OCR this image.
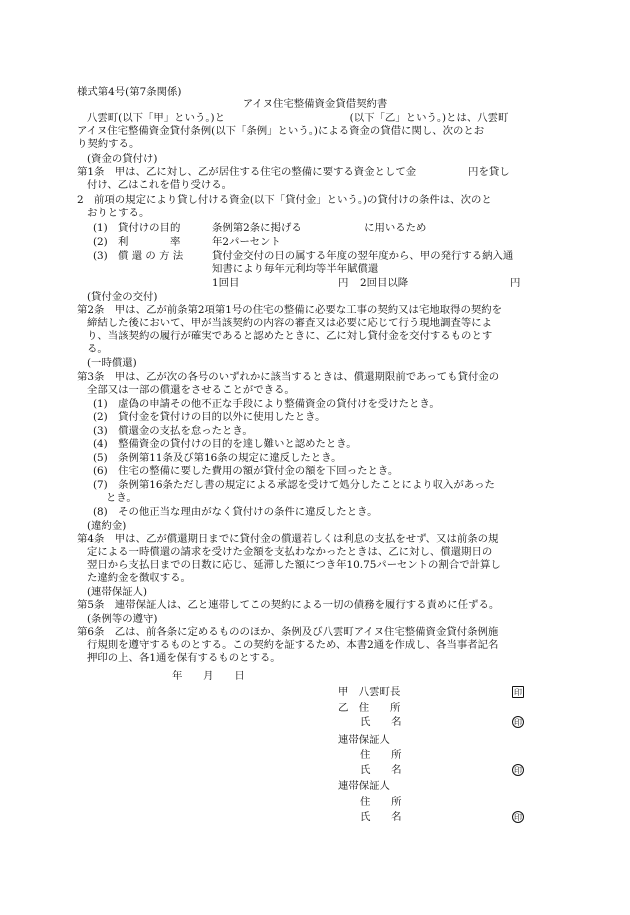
様式第4号(第7条関係)
アイヌ住宅整備資金貸借契約書
八雲町(以下「甲」という。)と　　　　　　　　　　　　(以下「乙」という。)とは、八雲町
アイヌ住宅整備資金貸付条例(以下「条例」という。)による資金の貸借に関し、次のとお
り契約する。
(資金の貸付け)
第1条　甲は、乙に対し、乙が居住する住宅の整備に要する資金として金　　　　　円を貸し
付け、乙はこれを借り受ける。
2　前項の規定により貸し付ける資金(以下「貸付金」という。)の貸付けの条件は、次のと
おりとする。
(1) 貸付けの目的	条例第2条に掲げる　　　　　　に用いるため
(2) 利　　　　率	年2パーセント
(3) 償 還 の 方 法	貸付金交付の日の属する年度の翌年度から、甲の発行する納入通
知書により毎年元利均等半年賦償還
1回目	円 2回目以降	円
(貸付金の交付)
第2条　甲は、乙が前条第2項第1号の住宅の整備に必要な工事の契約又は宅地取得の契約を
締結した後において、甲が当該契約の内容の審査又は必要に応じて行う現地調査等によ
り、当該契約の履行が確実であると認めたときに、乙に対し貸付金を交付するものとす
る。
(一時償還)
第3条　甲は、乙が次の各号のいずれかに該当するときは、償還期限前であっても貸付金の
全部又は一部の償還をさせることができる。
(1)　虚偽の申請その他不正な手段により整備資金の貸付けを受けたとき。
(2)　貸付金を貸付けの目的以外に使用したとき。
(3)　償還金の支払を怠ったとき。
(4)　整備資金の貸付けの目的を達し難いと認めたとき。
(5)　条例第11条及び第16条の規定に違反したとき。
(6)　住宅の整備に要した費用の額が貸付金の額を下回ったとき。
(7)　条例第16条ただし書の規定による承認を受けて処分したことにより収入があった
とき。
(8)　その他正当な理由がなく貸付けの条件に違反したとき。
(違約金)
第4条　甲は、乙が償還期日までに貸付金の償還若しくは利息の支払をせず、又は前条の規
定による一時償還の請求を受けた金額を支払わなかったときは、乙に対し、償還期日の
翌日から支払日までの日数に応じ、延滞した額につき年10.75パーセントの割合で計算し
た違約金を徴収する。
(連帯保証人)
第5条　連帯保証人は、乙と連帯してこの契約による一切の債務を履行する責めに任ずる。
(条例等の遵守)
第6条　乙は、前各条に定めるもののほか、条例及び八雲町アイヌ住宅整備資金貸付条例施
行規則を遵守するものとする。この契約を証するため、本書2通を作成し、各当事者記名
押印の上、各1通を保有するものとする。
年　　月　　日
甲　八雲町長	印
乙　住　　所
氏　　名	印
連帯保証人
住　　所
氏　　名	印
連帯保証人
住　　所
氏　　名	印
